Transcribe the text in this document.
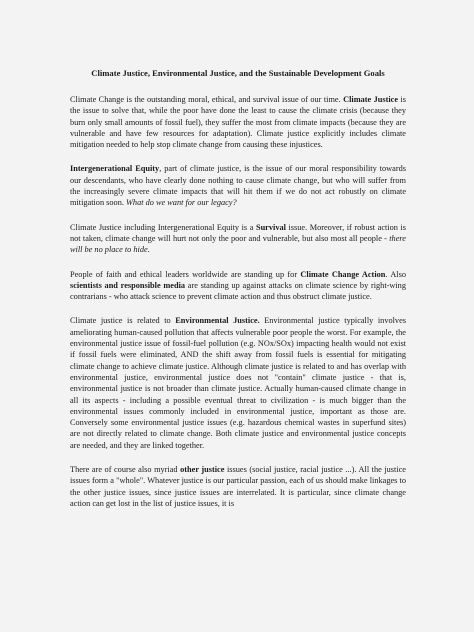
Climate Justice, Environmental Justice, and the Sustainable Development Goals

Climate Change is the outstanding moral, ethical, and survival issue of our time. Climate Justice is the issue to solve that, while the poor have done the least to cause the climate crisis (because they burn only small amounts of fossil fuel), they suffer the most from climate impacts (because they are vulnerable and have few resources for adaptation). Climate justice explicitly includes climate mitigation needed to help stop climate change from causing these injustices.

Intergenerational Equity, part of climate justice, is the issue of our moral responsibility towards our descendants, who have clearly done nothing to cause climate change, but who will suffer from the increasingly severe climate impacts that will hit them if we do not act robustly on climate mitigation soon. What do we want for our legacy?

Climate Justice including Intergenerational Equity is a Survival issue. Moreover, if robust action is not taken, climate change will hurt not only the poor and vulnerable, but also most all people - there will be no place to hide.

People of faith and ethical leaders worldwide are standing up for Climate Change Action. Also scientists and responsible media are standing up against attacks on climate science by right-wing contrarians - who attack science to prevent climate action and thus obstruct climate justice.

Climate justice is related to Environmental Justice. Environmental justice typically involves ameliorating human-caused pollution that affects vulnerable poor people the worst. For example, the environmental justice issue of fossil-fuel pollution (e.g. NOx/SOx) impacting health would not exist if fossil fuels were eliminated, AND the shift away from fossil fuels is essential for mitigating climate change to achieve climate justice. Although climate justice is related to and has overlap with environmental justice, environmental justice does not "contain" climate justice - that is, environmental justice is not broader than climate justice. Actually human-caused climate change in all its aspects - including a possible eventual threat to civilization - is much bigger than the environmental issues commonly included in environmental justice, important as those are. Conversely some environmental justice issues (e.g. hazardous chemical wastes in superfund sites) are not directly related to climate change. Both climate justice and environmental justice concepts are needed, and they are linked together.

There are of course also myriad other justice issues (social justice, racial justice ...). All the justice issues form a "whole". Whatever justice is our particular passion, each of us should make linkages to the other justice issues, since justice issues are interrelated. It is particular, since climate change action can get lost in the list of justice issues, it is
